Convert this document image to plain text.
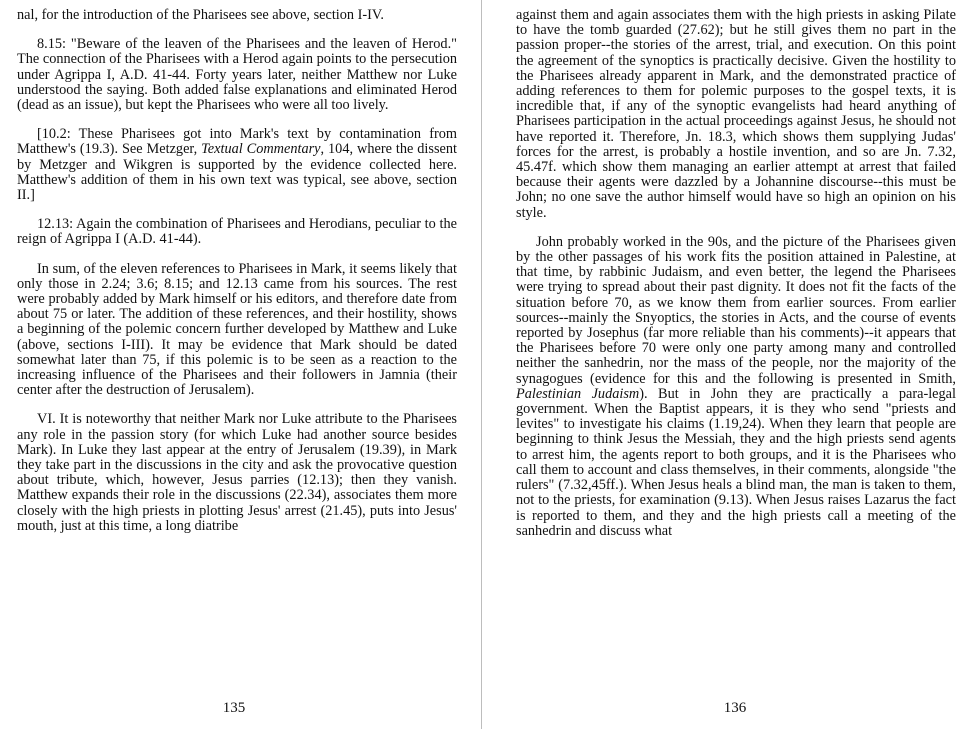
nal, for the introduction of the Pharisees see above, section I-IV.

8.15: "Beware of the leaven of the Pharisees and the leaven of Herod." The connection of the Pharisees with a Herod again points to the persecution under Agrippa I, A.D. 41-44. Forty years later, neither Matthew nor Luke understood the saying. Both added false explanations and eliminated Herod (dead as an issue), but kept the Pharisees who were all too lively.

[10.2: These Pharisees got into Mark's text by contamination from Matthew's (19.3). See Metzger, Textual Commentary, 104, where the dissent by Metzger and Wikgren is supported by the evidence collected here. Matthew's addition of them in his own text was typical, see above, section II.]

12.13: Again the combination of Pharisees and Herodians, peculiar to the reign of Agrippa I (A.D. 41-44).

In sum, of the eleven references to Pharisees in Mark, it seems likely that only those in 2.24; 3.6; 8.15; and 12.13 came from his sources. The rest were probably added by Mark himself or his editors, and therefore date from about 75 or later. The addition of these references, and their hostility, shows a beginning of the polemic concern further developed by Matthew and Luke (above, sections I-III). It may be evidence that Mark should be dated somewhat later than 75, if this polemic is to be seen as a reaction to the increasing influence of the Pharisees and their followers in Jamnia (their center after the destruction of Jerusalem).

VI. It is noteworthy that neither Mark nor Luke attribute to the Pharisees any role in the passion story (for which Luke had another source besides Mark). In Luke they last appear at the entry of Jerusalem (19.39), in Mark they take part in the discussions in the city and ask the provocative question about tribute, which, however, Jesus parries (12.13); then they vanish. Matthew expands their role in the discussions (22.34), associates them more closely with the high priests in plotting Jesus' arrest (21.45), puts into Jesus' mouth, just at this time, a long diatribe

against them and again associates them with the high priests in asking Pilate to have the tomb guarded (27.62); but he still gives them no part in the passion proper--the stories of the arrest, trial, and execution. On this point the agreement of the synoptics is practically decisive. Given the hostility to the Pharisees already apparent in Mark, and the demonstrated practice of adding references to them for polemic purposes to the gospel texts, it is incredible that, if any of the synoptic evangelists had heard anything of Pharisees participation in the actual proceedings against Jesus, he should not have reported it. Therefore, Jn. 18.3, which shows them supplying Judas' forces for the arrest, is probably a hostile invention, and so are Jn. 7.32, 45.47f. which show them managing an earlier attempt at arrest that failed because their agents were dazzled by a Johannine discourse--this must be John; no one save the author himself would have so high an opinion on his style.

John probably worked in the 90s, and the picture of the Pharisees given by the other passages of his work fits the position attained in Palestine, at that time, by rabbinic Judaism, and even better, the legend the Pharisees were trying to spread about their past dignity. It does not fit the facts of the situation before 70, as we know them from earlier sources. From earlier sources--mainly the Snyoptics, the stories in Acts, and the course of events reported by Josephus (far more reliable than his comments)--it appears that the Pharisees before 70 were only one party among many and controlled neither the sanhedrin, nor the mass of the people, nor the majority of the synagogues (evidence for this and the following is presented in Smith, Palestinian Judaism). But in John they are practically a para-legal government. When the Baptist appears, it is they who send "priests and levites" to investigate his claims (1.19,24). When they learn that people are beginning to think Jesus the Messiah, they and the high priests send agents to arrest him, the agents report to both groups, and it is the Pharisees who call them to account and class themselves, in their comments, alongside "the rulers" (7.32,45ff.). When Jesus heals a blind man, the man is taken to them, not to the priests, for examination (9.13). When Jesus raises Lazarus the fact is reported to them, and they and the high priests call a meeting of the sanhedrin and discuss what

135	136
